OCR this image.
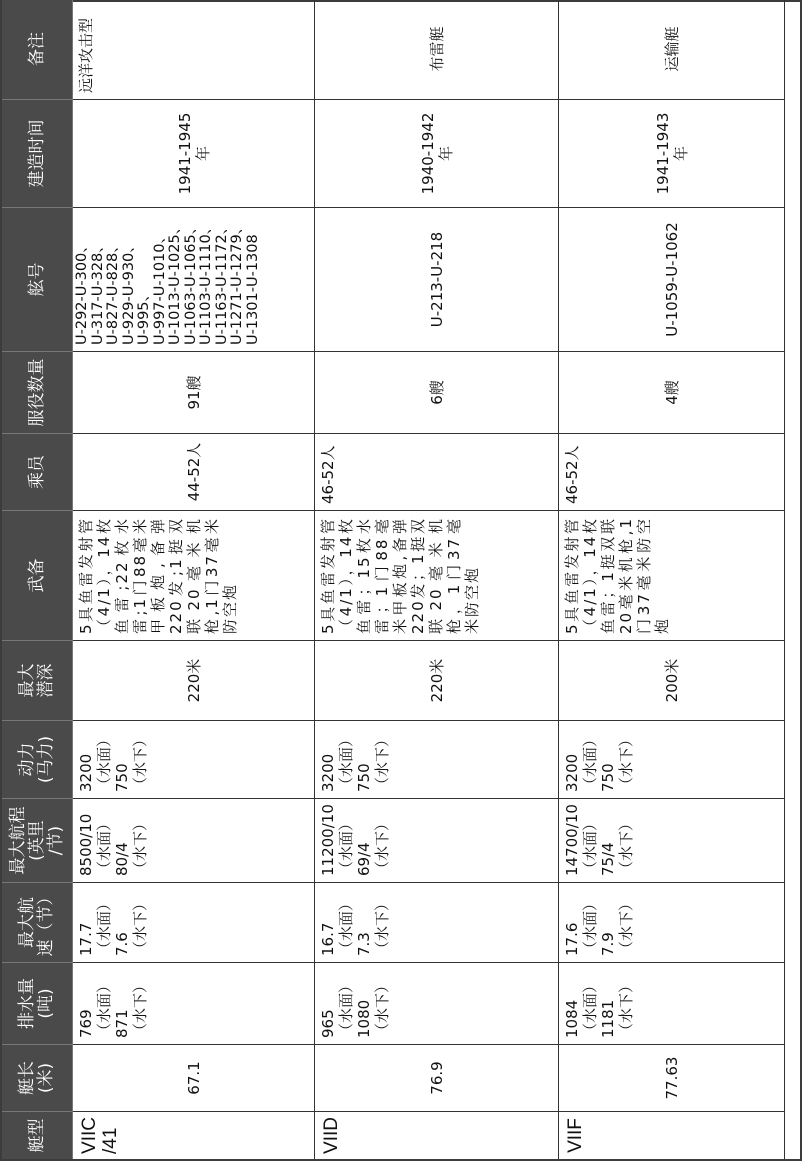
艇型
艇长
(米)
排水量
(吨)
最大航
速（节）
最大航程
(英里
/节)
动力
(马力)
最大
潜深
武备
乘员
服役数量
舷号
建造时间
备注
VIIC
/41
67.1
769
（水面）
871
（水下）
17.7
（水面）
7.6
（水下）
8500/10
（水面）
80/4
（水下）
3200
（水面）
750
（水下）
220米
5具鱼雷发射管（4/1），14枚鱼雷;22枚水雷;1门88毫米甲板炮,备弹220发;1挺双联20毫米机枪,1门37毫米防空炮
44-52人
91艘
U-292-U-300、
U-317-U-328、
U-827-U-828、
U-929-U-930、
U-995、
U-997-U-1010、
U-1013-U-1025、
U-1063-U-1065、
U-1103-U-1110、
U-1163-U-1172、
U-1271-U-1279、
U-1301-U-1308
1941-1945年
远洋攻击型
VIID
76.9
965
（水面）
1080
（水下）
16.7
（水面）
7.3
（水下）
11200/10
（水面）
69/4
（水下）
3200
（水面）
750
（水下）
220米
5具鱼雷发射管（4/1），14枚鱼雷；15枚水雷；1门88毫米甲板炮,备弹220发；1挺双联20毫米机枪，1门37毫米防空炮
46-52人
6艘
U-213-U-218
1940-1942年
布雷艇
VIIF
77.63
1084
（水面）
1181
（水下）
17.6
（水面）
7.9
（水下）
14700/10
（水面）
75/4
（水下）
3200
（水面）
750
（水下）
200米
5具鱼雷发射管（4/1），14枚鱼雷；1挺双联20毫米机枪,1门37毫米防空炮
46-52人
4艘
U-1059-U-1062
1941-1943年
运输艇
